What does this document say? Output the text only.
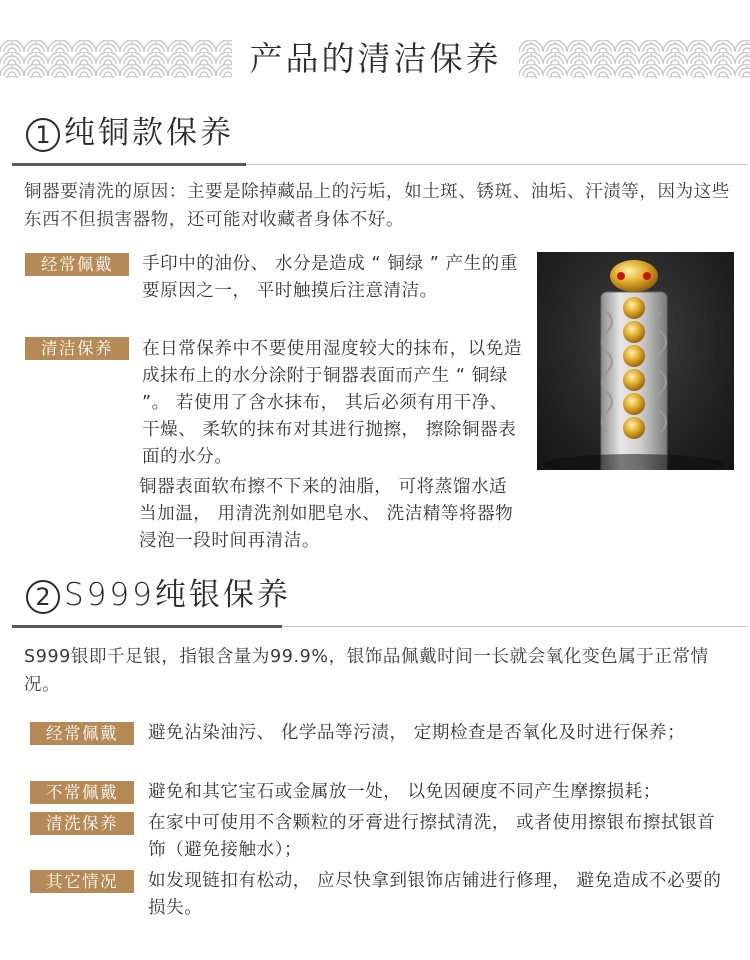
产品的清洁保养
1 纯铜款保养
铜器要清洗的原因：主要是除掉藏品上的污垢，如土斑、锈斑、油垢、汗渍等，因为这些东西不但损害器物，还可能对收藏者身体不好。
经常佩戴	手印中的油份、 水分是造成 “ 铜绿 ” 产生的重要原因之一， 平时触摸后注意清洁。
清洁保养	在日常保养中不要使用湿度较大的抹布，以免造成抹布上的水分涂附于铜器表面而产生 “ 铜绿 ”。 若使用了含水抹布， 其后必须有用干净、 干燥、 柔软的抹布对其进行抛擦， 擦除铜器表面的水分。
铜器表面软布擦不下来的油脂， 可将蒸馏水适当加温， 用清洗剂如肥皂水、 洗洁精等将器物浸泡一段时间再清洁。
2 S999纯银保养
S999银即千足银，指银含量为99.9%，银饰品佩戴时间一长就会氧化变色属于正常情况。
经常佩戴	避免沾染油污、 化学品等污渍， 定期检查是否氧化及时进行保养；
不常佩戴	避免和其它宝石或金属放一处， 以免因硬度不同产生摩擦损耗；
清洗保养	在家中可使用不含颗粒的牙膏进行擦拭清洗， 或者使用擦银布擦拭银首饰（避免接触水）；
其它情况	如发现链扣有松动， 应尽快拿到银饰店铺进行修理， 避免造成不必要的损失。
